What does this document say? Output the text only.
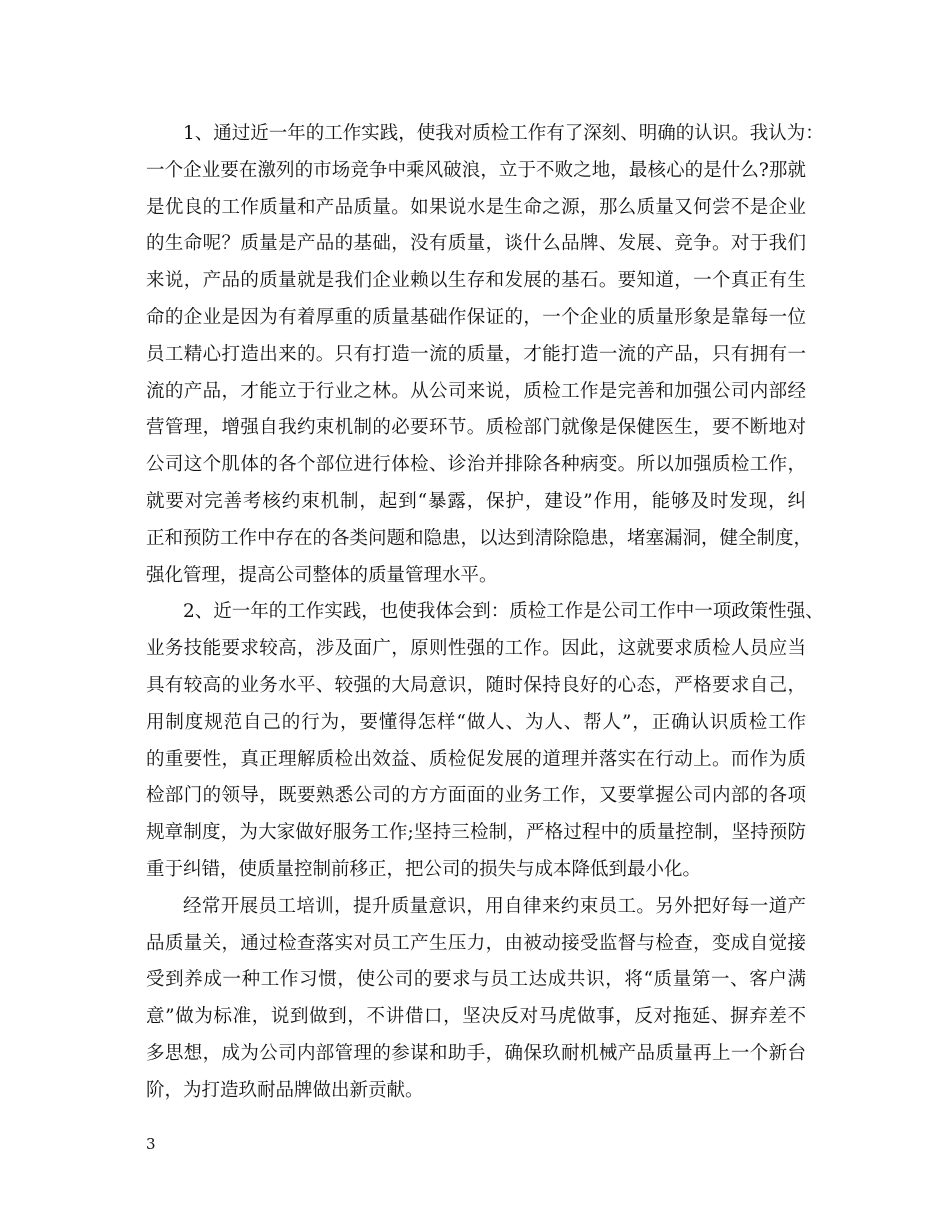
1、通过近一年的工作实践，使我对质检工作有了深刻、明确的认识。我认为：
一个企业要在激列的市场竞争中乘风破浪，立于不败之地，最核心的是什么?那就
是优良的工作质量和产品质量。如果说水是生命之源，那么质量又何尝不是企业
的生命呢？质量是产品的基础，没有质量，谈什么品牌、发展、竞争。对于我们
来说，产品的质量就是我们企业赖以生存和发展的基石。要知道，一个真正有生
命的企业是因为有着厚重的质量基础作保证的，一个企业的质量形象是靠每一位
员工精心打造出来的。只有打造一流的质量，才能打造一流的产品，只有拥有一
流的产品，才能立于行业之林。从公司来说，质检工作是完善和加强公司内部经
营管理，增强自我约束机制的必要环节。质检部门就像是保健医生，要不断地对
公司这个肌体的各个部位进行体检、诊治并排除各种病变。所以加强质检工作，
就要对完善考核约束机制，起到“暴露，保护，建设”作用，能够及时发现，纠
正和预防工作中存在的各类问题和隐患，以达到清除隐患，堵塞漏洞，健全制度，
强化管理，提高公司整体的质量管理水平。
2、近一年的工作实践，也使我体会到：质检工作是公司工作中一项政策性强、
业务技能要求较高，涉及面广，原则性强的工作。因此，这就要求质检人员应当
具有较高的业务水平、较强的大局意识，随时保持良好的心态，严格要求自己，
用制度规范自己的行为，要懂得怎样“做人、为人、帮人”，正确认识质检工作
的重要性，真正理解质检出效益、质检促发展的道理并落实在行动上。而作为质
检部门的领导，既要熟悉公司的方方面面的业务工作，又要掌握公司内部的各项
规章制度，为大家做好服务工作;坚持三检制，严格过程中的质量控制，坚持预防
重于纠错，使质量控制前移正，把公司的损失与成本降低到最小化。
经常开展员工培训，提升质量意识，用自律来约束员工。另外把好每一道产
品质量关，通过检查落实对员工产生压力，由被动接受监督与检查，变成自觉接
受到养成一种工作习惯，使公司的要求与员工达成共识，将“质量第一、客户满
意”做为标准，说到做到，不讲借口，坚决反对马虎做事，反对拖延、摒弃差不
多思想，成为公司内部管理的参谋和助手，确保玖耐机械产品质量再上一个新台
阶，为打造玖耐品牌做出新贡献。
3
